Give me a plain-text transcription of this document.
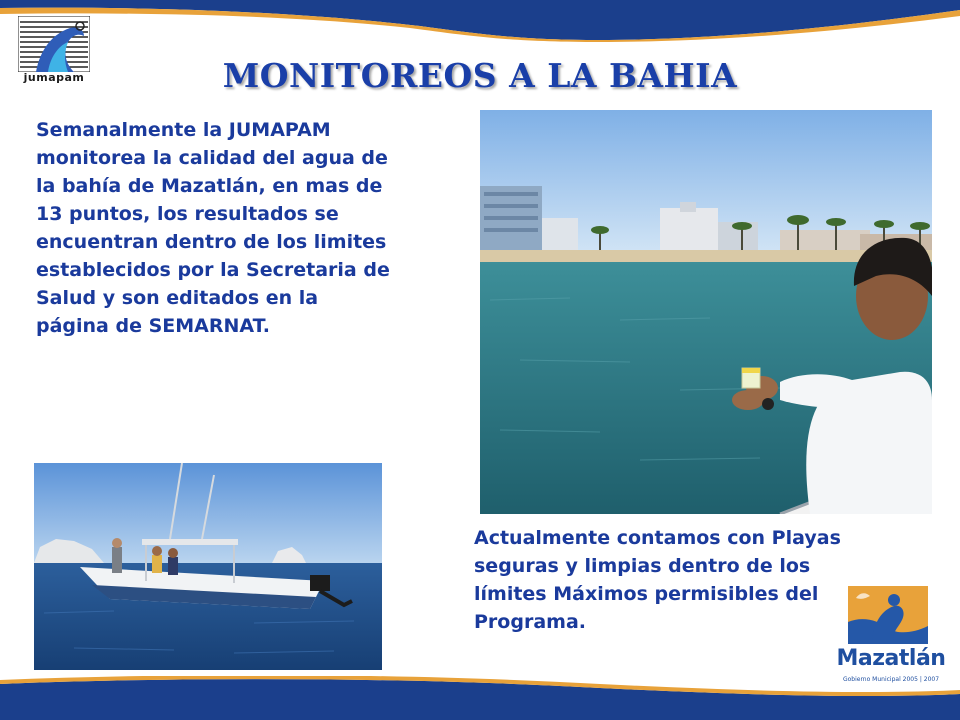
jumapam	MONITOREOS A LA BAHIA
Semanalmente la JUMAPAM monitorea la calidad del agua de la bahía de Mazatlán, en mas de 13 puntos, los resultados se encuentran dentro de los limites establecidos por la Secretaria de Salud y son editados en la página de SEMARNAT.
Actualmente contamos con Playas seguras y limpias dentro de los límites Máximos permisibles del Programa.
Mazatlán
Gobierno Municipal 2005 | 2007
